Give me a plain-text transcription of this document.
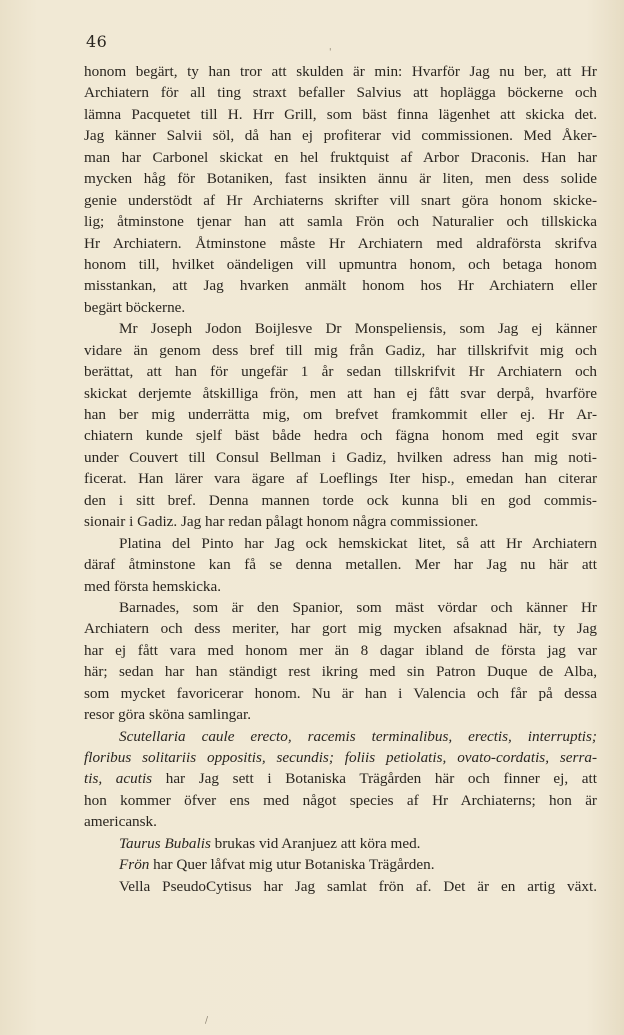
46
honom begärt, ty han tror att skulden är min: Hvarför Jag nu ber, att Hr
Archiatern för all ting straxt befaller Salvius att hoplägga böckerne och
lämna Pacquetet till H. Hrr Grill, som bäst finna lägenhet att skicka det.
Jag känner Salvii söl, då han ej profiterar vid commissionen. Med Åker-
man har Carbonel skickat en hel fruktquist af Arbor Draconis. Han har
mycken håg för Botaniken, fast insikten ännu är liten, men dess solide
genie understödt af Hr Archiaterns skrifter vill snart göra honom skicke-
lig; åtminstone tjenar han att samla Frön och Naturalier och tillskicka
Hr Archiatern. Åtminstone måste Hr Archiatern med aldraförsta skrifva
honom till, hvilket oändeligen vill upmuntra honom, och betaga honom
misstankan, att Jag hvarken anmält honom hos Hr Archiatern eller
begärt böckerne.
Mr Joseph Jodon Boijlesve Dr Monspeliensis, som Jag ej känner
vidare än genom dess bref till mig från Gadiz, har tillskrifvit mig och
berättat, att han för ungefär 1 år sedan tillskrifvit Hr Archiatern och
skickat derjemte åtskilliga frön, men att han ej fått svar derpå, hvarföre
han ber mig underrätta mig, om brefvet framkommit eller ej. Hr Ar-
chiatern kunde sjelf bäst både hedra och fägna honom med egit svar
under Couvert till Consul Bellman i Gadiz, hvilken adress han mig noti-
ficerat. Han lärer vara ägare af Loeflings Iter hisp., emedan han citerar
den i sitt bref. Denna mannen torde ock kunna bli en god commis-
sionair i Gadiz. Jag har redan pålagt honom några commissioner.
Platina del Pinto har Jag ock hemskickat litet, så att Hr Archiatern
däraf åtminstone kan få se denna metallen. Mer har Jag nu här att
med första hemskicka.
Barnades, som är den Spanior, som mäst vördar och känner Hr
Archiatern och dess meriter, har gort mig mycken afsaknad här, ty Jag
har ej fått vara med honom mer än 8 dagar ibland de första jag var
här; sedan har han ständigt rest ikring med sin Patron Duque de Alba,
som mycket favoricerar honom. Nu är han i Valencia och får på dessa
resor göra sköna samlingar.
Scutellaria caule erecto, racemis terminalibus, erectis, interruptis;
floribus solitariis oppositis, secundis; foliis petiolatis, ovato-cordatis, serra-
tis, acutis har Jag sett i Botaniska Trägården här och finner ej, att
hon kommer öfver ens med något species af Hr Archiaterns; hon är
americansk.
Taurus Bubalis brukas vid Aranjuez att köra med.
Frön har Quer låfvat mig utur Botaniska Trägården.
Vella PseudoCytisus har Jag samlat frön af. Det är en artig växt.
'
/
